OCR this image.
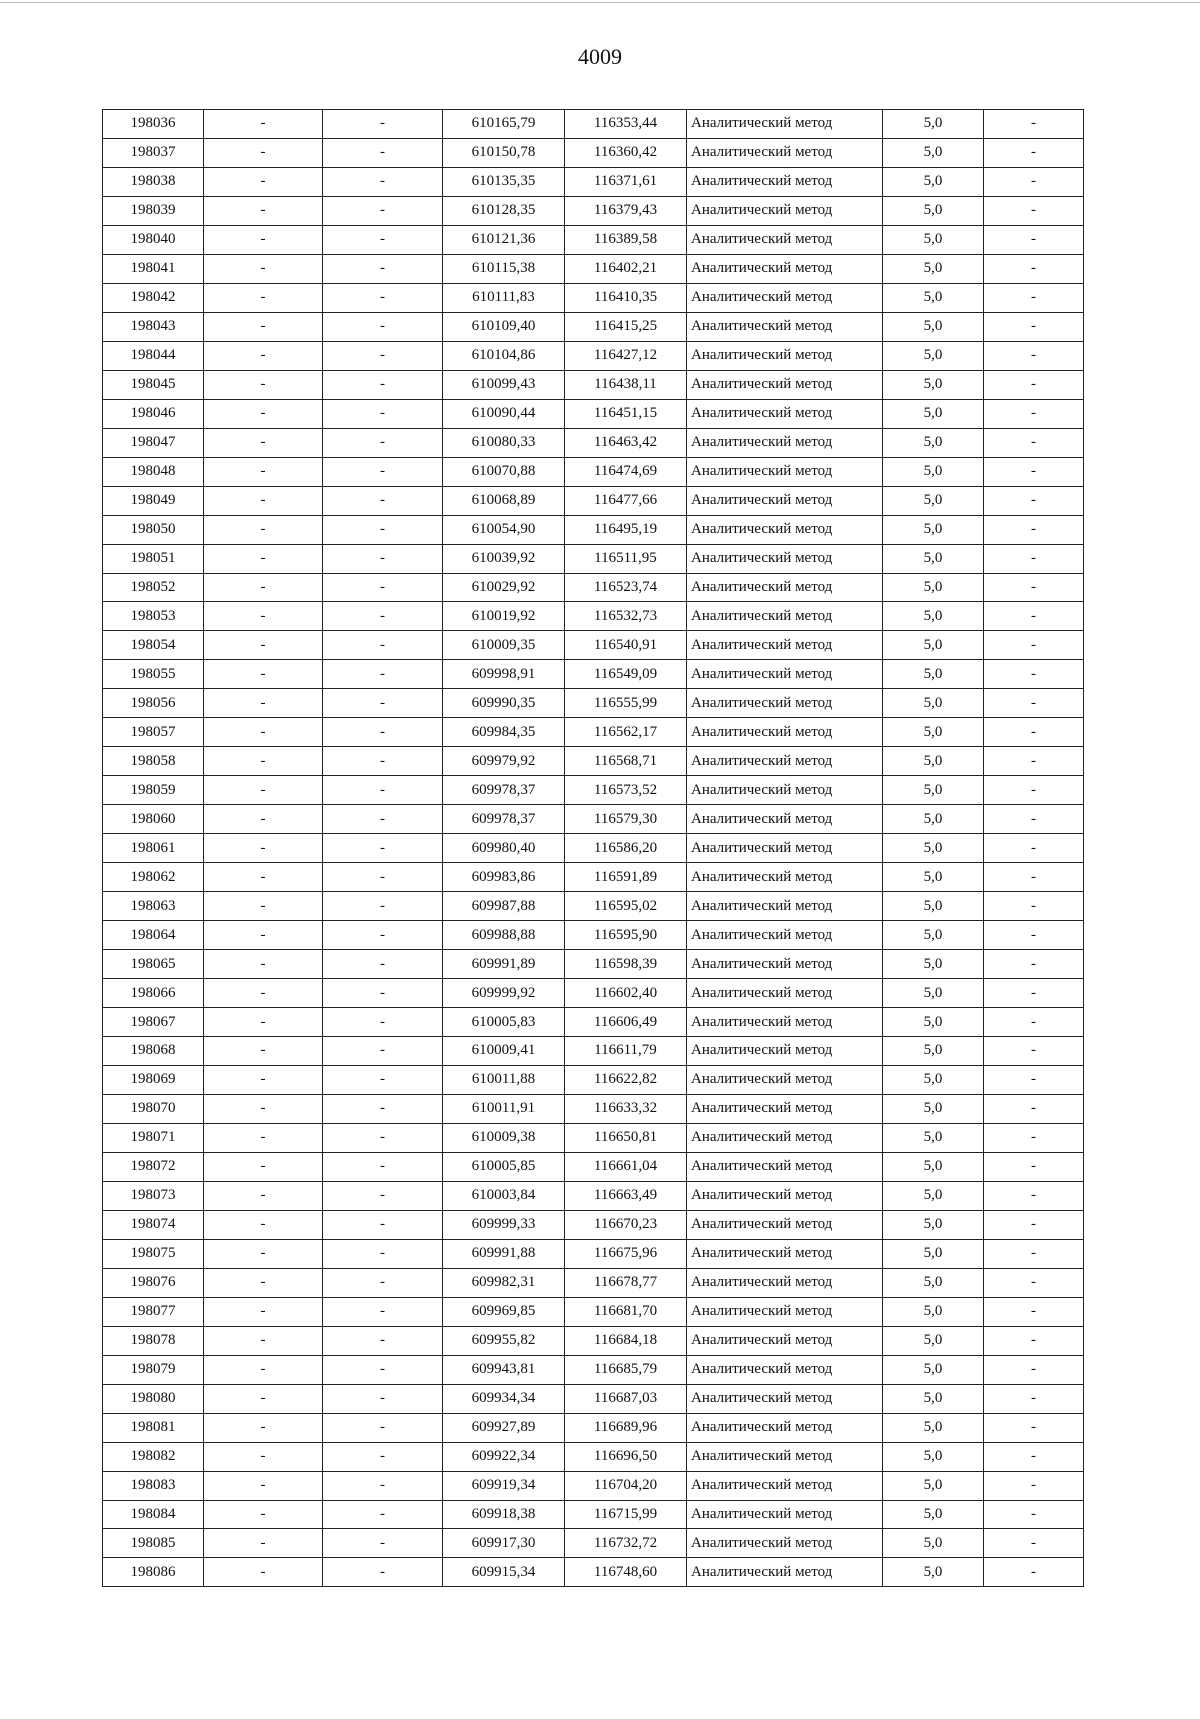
4009
198036	-	-	610165,79	116353,44	Аналитический метод	5,0	-
198037	-	-	610150,78	116360,42	Аналитический метод	5,0	-
198038	-	-	610135,35	116371,61	Аналитический метод	5,0	-
198039	-	-	610128,35	116379,43	Аналитический метод	5,0	-
198040	-	-	610121,36	116389,58	Аналитический метод	5,0	-
198041	-	-	610115,38	116402,21	Аналитический метод	5,0	-
198042	-	-	610111,83	116410,35	Аналитический метод	5,0	-
198043	-	-	610109,40	116415,25	Аналитический метод	5,0	-
198044	-	-	610104,86	116427,12	Аналитический метод	5,0	-
198045	-	-	610099,43	116438,11	Аналитический метод	5,0	-
198046	-	-	610090,44	116451,15	Аналитический метод	5,0	-
198047	-	-	610080,33	116463,42	Аналитический метод	5,0	-
198048	-	-	610070,88	116474,69	Аналитический метод	5,0	-
198049	-	-	610068,89	116477,66	Аналитический метод	5,0	-
198050	-	-	610054,90	116495,19	Аналитический метод	5,0	-
198051	-	-	610039,92	116511,95	Аналитический метод	5,0	-
198052	-	-	610029,92	116523,74	Аналитический метод	5,0	-
198053	-	-	610019,92	116532,73	Аналитический метод	5,0	-
198054	-	-	610009,35	116540,91	Аналитический метод	5,0	-
198055	-	-	609998,91	116549,09	Аналитический метод	5,0	-
198056	-	-	609990,35	116555,99	Аналитический метод	5,0	-
198057	-	-	609984,35	116562,17	Аналитический метод	5,0	-
198058	-	-	609979,92	116568,71	Аналитический метод	5,0	-
198059	-	-	609978,37	116573,52	Аналитический метод	5,0	-
198060	-	-	609978,37	116579,30	Аналитический метод	5,0	-
198061	-	-	609980,40	116586,20	Аналитический метод	5,0	-
198062	-	-	609983,86	116591,89	Аналитический метод	5,0	-
198063	-	-	609987,88	116595,02	Аналитический метод	5,0	-
198064	-	-	609988,88	116595,90	Аналитический метод	5,0	-
198065	-	-	609991,89	116598,39	Аналитический метод	5,0	-
198066	-	-	609999,92	116602,40	Аналитический метод	5,0	-
198067	-	-	610005,83	116606,49	Аналитический метод	5,0	-
198068	-	-	610009,41	116611,79	Аналитический метод	5,0	-
198069	-	-	610011,88	116622,82	Аналитический метод	5,0	-
198070	-	-	610011,91	116633,32	Аналитический метод	5,0	-
198071	-	-	610009,38	116650,81	Аналитический метод	5,0	-
198072	-	-	610005,85	116661,04	Аналитический метод	5,0	-
198073	-	-	610003,84	116663,49	Аналитический метод	5,0	-
198074	-	-	609999,33	116670,23	Аналитический метод	5,0	-
198075	-	-	609991,88	116675,96	Аналитический метод	5,0	-
198076	-	-	609982,31	116678,77	Аналитический метод	5,0	-
198077	-	-	609969,85	116681,70	Аналитический метод	5,0	-
198078	-	-	609955,82	116684,18	Аналитический метод	5,0	-
198079	-	-	609943,81	116685,79	Аналитический метод	5,0	-
198080	-	-	609934,34	116687,03	Аналитический метод	5,0	-
198081	-	-	609927,89	116689,96	Аналитический метод	5,0	-
198082	-	-	609922,34	116696,50	Аналитический метод	5,0	-
198083	-	-	609919,34	116704,20	Аналитический метод	5,0	-
198084	-	-	609918,38	116715,99	Аналитический метод	5,0	-
198085	-	-	609917,30	116732,72	Аналитический метод	5,0	-
198086	-	-	609915,34	116748,60	Аналитический метод	5,0	-
